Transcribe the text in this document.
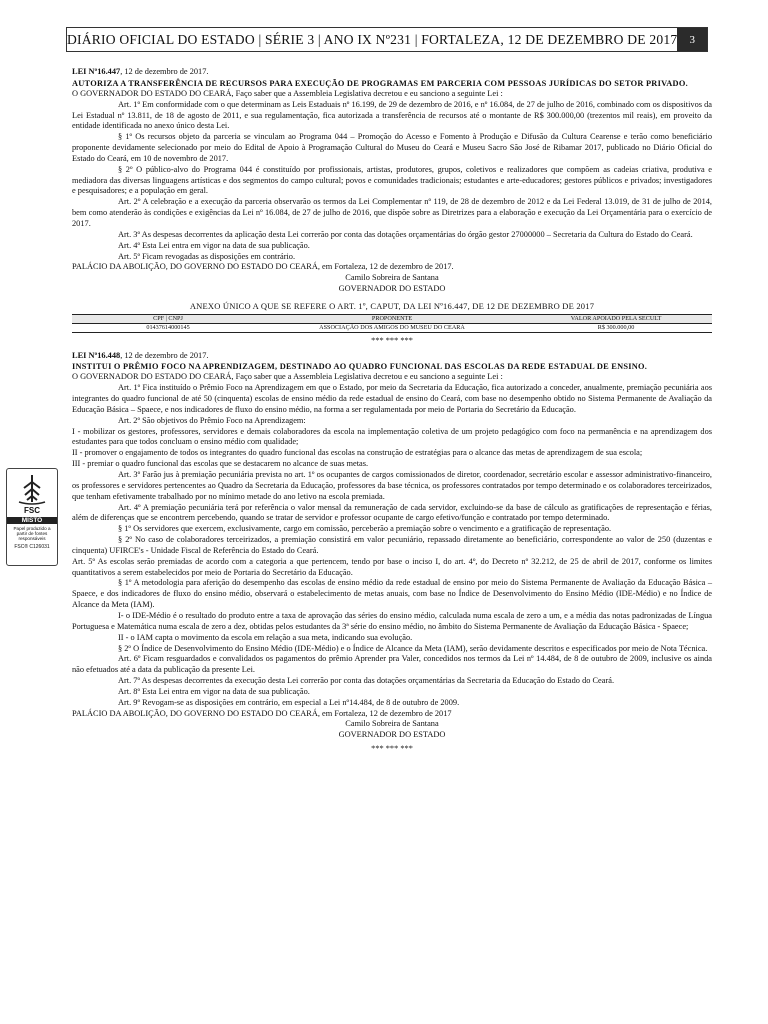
DIÁRIO OFICIAL DO ESTADO | SÉRIE 3 | ANO IX Nº231 | FORTALEZA, 12 DE DEZEMBRO DE 2017	3
FSC
MISTO
Papel produzido a partir de fontes responsáveis
FSC® C126031

LEI Nº16.447, 12 de dezembro de 2017.

AUTORIZA A TRANSFERÊNCIA DE RECURSOS PARA EXECUÇÃO DE PROGRAMAS EM PARCERIA COM PESSOAS JURÍDICAS DO SETOR PRIVADO.

O GOVERNADOR DO ESTADO DO CEARÁ, Faço saber que a Assembleia Legislativa decretou e eu sanciono a seguinte Lei :

Art. 1º Em conformidade com o que determinam as Leis Estaduais nº 16.199, de 29 de dezembro de 2016, e nº 16.084, de 27 de julho de 2016, combinado com os dispositivos da Lei Estadual nº 13.811, de 18 de agosto de 2011, e sua regulamentação, fica autorizada a transferência de recursos até o montante de R$ 300.000,00 (trezentos mil reais), em proveito da entidade identificada no anexo único desta Lei.

§ 1º Os recursos objeto da parceria se vinculam ao Programa 044 – Promoção do Acesso e Fomento à Produção e Difusão da Cultura Cearense e terão como beneficiário proponente devidamente selecionado por meio do Edital de Apoio à Programação Cultural do Museu do Ceará e Museu Sacro São José de Ribamar 2017, publicado no Diário Oficial do Estado do Ceará, em 10 de novembro de 2017.

§ 2º O público-alvo do Programa 044 é constituído por profissionais, artistas, produtores, grupos, coletivos e realizadores que compõem as cadeias criativa, produtiva e mediadora das diversas linguagens artísticas e dos segmentos do campo cultural; povos e comunidades tradicionais; estudantes e arte-educadores; gestores públicos e privados; investigadores e pesquisadores; e a população em geral.

Art. 2º A celebração e a execução da parceria observarão os termos da Lei Complementar nº 119, de 28 de dezembro de 2012 e da Lei Federal 13.019, de 31 de julho de 2014, bem como atenderão às condições e exigências da Lei nº 16.084, de 27 de julho de 2016, que dispõe sobre as Diretrizes para a elaboração e execução da Lei Orçamentária para o exercício de 2017.

Art. 3º As despesas decorrentes da aplicação desta Lei correrão por conta das dotações orçamentárias do órgão gestor 27000000 – Secretaria da Cultura do Estado do Ceará.

Art. 4º Esta Lei entra em vigor na data de sua publicação.

Art. 5º Ficam revogadas as disposições em contrário.

PALÁCIO DA ABOLIÇÃO, DO GOVERNO DO ESTADO DO CEARÁ, em Fortaleza, 12 de dezembro de 2017.

Camilo Sobreira de Santana

GOVERNADOR DO ESTADO

ANEXO ÚNICO A QUE SE REFERE O ART. 1º, CAPUT, DA LEI Nº16.447, DE 12 DE DEZEMBRO DE 2017
CPF | CNPJ	PROPONENTE	VALOR APOIADO PELA SECULT
01437614000145	ASSOCIAÇÃO DOS AMIGOS DO MUSEU DO CEARÁ	R$ 300.000,00
*** *** ***

LEI Nº16.448, 12 de dezembro de 2017.

INSTITUI O PRÊMIO FOCO NA APRENDIZAGEM, DESTINADO AO QUADRO FUNCIONAL DAS ESCOLAS DA REDE ESTADUAL DE ENSINO.

O GOVERNADOR DO ESTADO DO CEARÁ, Faço saber que a Assembleia Legislativa decretou e eu sanciono a seguinte Lei :

Art. 1º Fica instituído o Prêmio Foco na Aprendizagem em que o Estado, por meio da Secretaria da Educação, fica autorizado a conceder, anualmente, premiação pecuniária aos integrantes do quadro funcional de até 50 (cinquenta) escolas de ensino médio da rede estadual de ensino do Ceará, com base no desempenho obtido no Sistema Permanente de Avaliação da Educação Básica – Spaece, e nos indicadores de fluxo do ensino médio, na forma a ser regulamentada por meio de Portaria do Secretário da Educação.

Art. 2º São objetivos do Prêmio Foco na Aprendizagem:

I - mobilizar os gestores, professores, servidores e demais colaboradores da escola na implementação coletiva de um projeto pedagógico com foco na permanência e na aprendizagem dos estudantes para que todos concluam o ensino médio com qualidade;

II - promover o engajamento de todos os integrantes do quadro funcional das escolas na construção de estratégias para o alcance das metas de aprendizagem de sua escola;

III - premiar o quadro funcional das escolas que se destacarem no alcance de suas metas.

Art. 3º Farão jus à premiação pecuniária prevista no art. 1º os ocupantes de cargos comissionados de diretor, coordenador, secretário escolar e assessor administrativo-financeiro, os professores e servidores pertencentes ao Quadro da Secretaria da Educação, professores da base técnica, os professores contratados por tempo determinado e os colaboradores terceirizados, que tenham efetivamente trabalhado por no mínimo metade do ano letivo na escola premiada.

Art. 4º A premiação pecuniária terá por referência o valor mensal da remuneração de cada servidor, excluindo-se da base de cálculo as gratificações de representação e férias, além de diferenças que se encontrem percebendo, quando se tratar de servidor e professor ocupante de cargo efetivo/função e contratado por tempo determinado.

§ 1º Os servidores que exercem, exclusivamente, cargo em comissão, perceberão a premiação sobre o vencimento e a gratificação de representação.

§ 2º No caso de colaboradores terceirizados, a premiação consistirá em valor pecuniário, repassado diretamente ao beneficiário, correspondente ao valor de 250 (duzentas e cinquenta) UFIRCE's - Unidade Fiscal de Referência do Estado do Ceará.

Art. 5º As escolas serão premiadas de acordo com a categoria a que pertencem, tendo por base o inciso I, do art. 4º, do Decreto nº 32.212, de 25 de abril de 2017, conforme os limites quantitativos a serem estabelecidos por meio de Portaria do Secretário da Educação.

§ 1º A metodologia para aferição do desempenho das escolas de ensino médio da rede estadual de ensino por meio do Sistema Permanente de Avaliação da Educação Básica – Spaece, e dos indicadores de fluxo do ensino médio, observará o estabelecimento de metas anuais, com base no Índice de Desenvolvimento do Ensino Médio (IDE-Médio) e no Índice de Alcance da Meta (IAM).

I- o IDE-Médio é o resultado do produto entre a taxa de aprovação das séries do ensino médio, calculada numa escala de zero a um, e a média das notas padronizadas de Língua Portuguesa e Matemática numa escala de zero a dez, obtidas pelos estudantes da 3ª série do ensino médio, no âmbito do Sistema Permanente de Avaliação da Educação Básica - Spaece;

II - o IAM capta o movimento da escola em relação a sua meta, indicando sua evolução.

§ 2º O Índice de Desenvolvimento do Ensino Médio (IDE-Médio) e o Índice de Alcance da Meta (IAM), serão devidamente descritos e especificados por meio de Nota Técnica.

Art. 6º Ficam resguardados e convalidados os pagamentos do prêmio Aprender pra Valer, concedidos nos termos da Lei nº 14.484, de 8 de outubro de 2009, inclusive os ainda não efetuados até a data da publicação da presente Lei.

Art. 7º As despesas decorrentes da execução desta Lei correrão por conta das dotações orçamentárias da Secretaria da Educação do Estado do Ceará.

Art. 8º Esta Lei entra em vigor na data de sua publicação.

Art. 9º Revogam-se as disposições em contrário, em especial a Lei nº14.484, de 8 de outubro de 2009.

PALÁCIO DA ABOLIÇÃO, DO GOVERNO DO ESTADO DO CEARÁ, em Fortaleza, 12 de dezembro de 2017

Camilo Sobreira de Santana

GOVERNADOR DO ESTADO

*** *** ***
